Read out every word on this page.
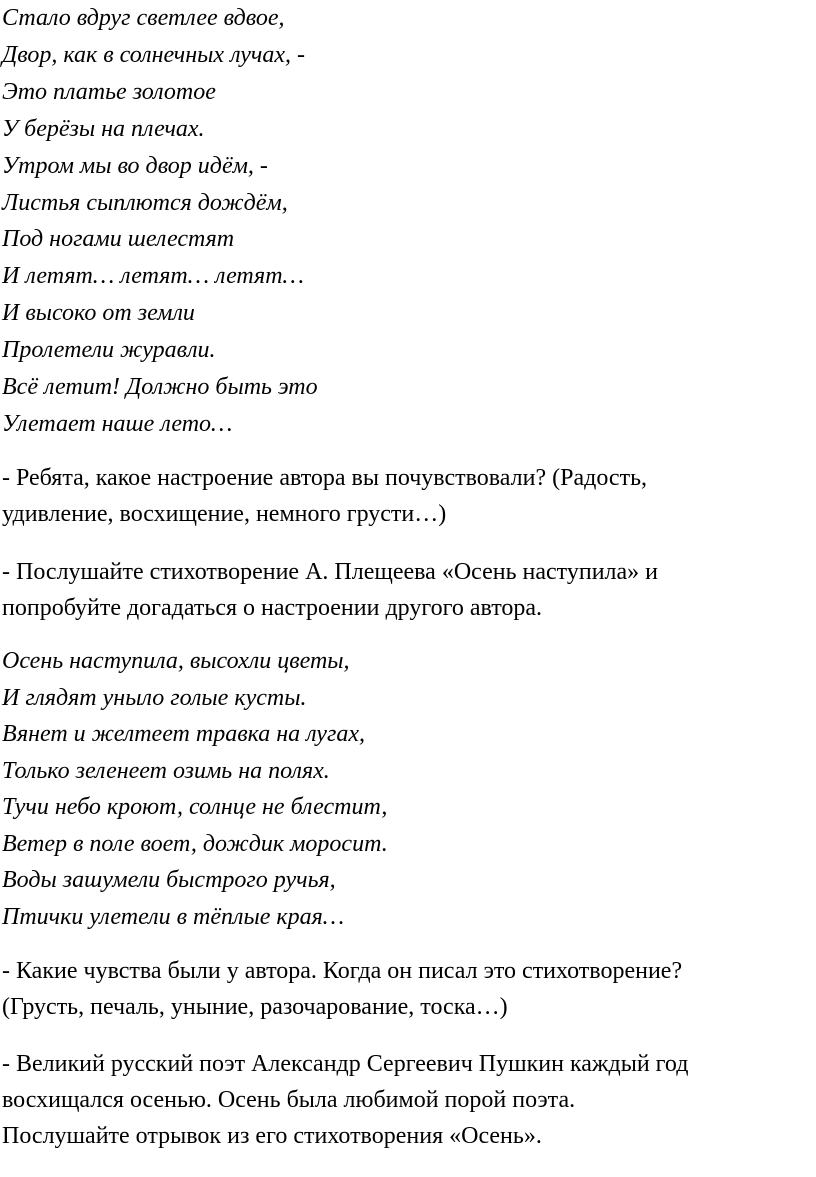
Стало вдруг светлее вдвое,
Двор, как в солнечных лучах, -
Это платье золотое
У берёзы на плечах.
Утром мы во двор идём, -
Листья сыплются дождём,
Под ногами шелестят
И летят… летят… летят…
И высоко от земли
Пролетели журавли.
Всё летит! Должно быть это
Улетает наше лето…

- Ребята, какое настроение автора вы почувствовали? (Радость,
удивление, восхищение, немного грусти…)

- Послушайте стихотворение А. Плещеева «Осень наступила» и
попробуйте догадаться о настроении другого автора.

Осень наступила, высохли цветы,
И глядят уныло голые кусты.
Вянет и желтеет травка на лугах,
Только зеленеет озимь на полях.
Тучи небо кроют, солнце не блестит,
Ветер в поле воет, дождик моросит.
Воды зашумели быстрого ручья,
Птички улетели в тёплые края…

- Какие чувства были у автора. Когда он писал это стихотворение?
(Грусть, печаль, уныние, разочарование, тоска…)

- Великий русский поэт Александр Сергеевич Пушкин каждый год
восхищался осенью. Осень была любимой порой поэта.
Послушайте отрывок из его стихотворения «Осень».
